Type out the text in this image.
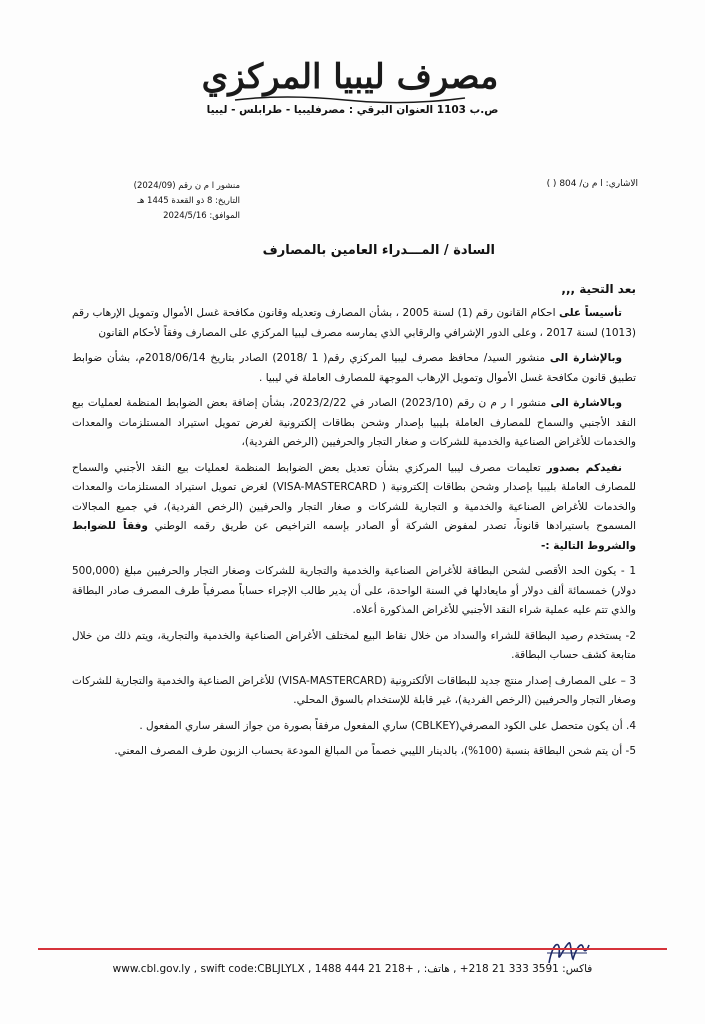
مصرف ليبيا المركزي
ص.ب 1103 العنوان البرقي : مصرفليبيا - طرابلس - ليبيا
الاشاري: ا م ن/ 804 ( )
منشور ا م ن رقم (2024/09)
التاريخ: 8 ذو القعدة 1445 هـ
الموافق: 2024/5/16
السادة / المـــدراء العامين بالمصارف
بعد التحية ,,,

تأسيساً على احكام القانون رقم (1) لسنة 2005 ، بشأن المصارف وتعديله وقانون مكافحة غسل الأموال وتمويل الإرهاب رقم (1013) لسنة 2017 ، وعلى الدور الإشرافي والرقابي الذي يمارسه مصرف ليبيا المركزي على المصارف وفقاً لأحكام القانون

وبالإشارة الى منشور السيد/ محافظ مصرف ليبيا المركزي رقم( 1 /2018) الصادر بتاريخ 2018/06/14م، بشأن ضوابط تطبيق قانون مكافحة غسل الأموال وتمويل الإرهاب الموجهة للمصارف العاملة في ليبيا .

وبالاشارة الى منشور ا ر م ن رقم (2023/10) الصادر في 2023/2/22، بشأن إضافة بعض الضوابط المنظمة لعمليات بيع النقد الأجنبي والسماح للمصارف العاملة بليبيا بإصدار وشحن بطاقات إلكترونية لغرض تمويل استيراد المستلزمات والمعدات والخدمات للأغراض الصناعية والخدمية للشركات و صغار التجار والحرفيين (الرخص الفردية)،

نفيدكم بصدور تعليمات مصرف ليبيا المركزي بشأن تعديل بعض الضوابط المنظمة لعمليات بيع النقد الأجنبي والسماح للمصارف العاملة بليبيا بإصدار وشحن بطاقات إلكترونية ( VISA-MASTERCARD) لغرض تمويل استيراد المستلزمات والمعدات والخدمات للأغراض الصناعية والخدمية و التجارية للشركات و صغار التجار والحرفيين (الرخص الفردية)، في جميع المجالات المسموح باستيرادها قانوناً، تصدر لمفوض الشركة أو الصادر بإسمه التراخيص عن طريق رقمه الوطني وفقاً للضوابط والشروط التالية :-

1 - يكون الحد الأقصى لشحن البطاقة للأغراض الصناعية والخدمية والتجارية للشركات وصغار التجار والحرفيين مبلغ (500,000 دولار) خمسمائة ألف دولار أو مايعادلها في السنة الواحدة، على أن يدير طالب الإجراء حساباً مصرفياً طرف المصرف صادر البطاقة والذي تتم عليه عملية شراء النقد الأجنبي للأغراض المذكورة أعلاه.

2- يستخدم رصيد البطاقة للشراء والسداد من خلال نقاط البيع لمختلف الأغراض الصناعية والخدمية والتجارية، ويتم ذلك من خلال متابعة كشف حساب البطاقة.

3 – على المصارف إصدار منتج جديد للبطاقات الألكترونية (VISA-MASTERCARD) للأغراض الصناعية والخدمية والتجارية للشركات وصغار التجار والحرفيين (الرخص الفردية)، غير قابلة للإستخدام بالسوق المحلي.

4. أن يكون متحصل على الكود المصرفي(CBLKEY) ساري المفعول مرفقاً بصورة من جواز السفر ساري المفعول .

5- أن يتم شحن البطاقة بنسبة (100%)، بالدينار الليبي خصماً من المبالغ المودعة بحساب الزبون طرف المصرف المعني.

www.cbl.gov.ly , swift code:CBLJLYLX , 1488 444 21 218+ ,	فاكس: 3591 333 21 218+ , هاتف:
